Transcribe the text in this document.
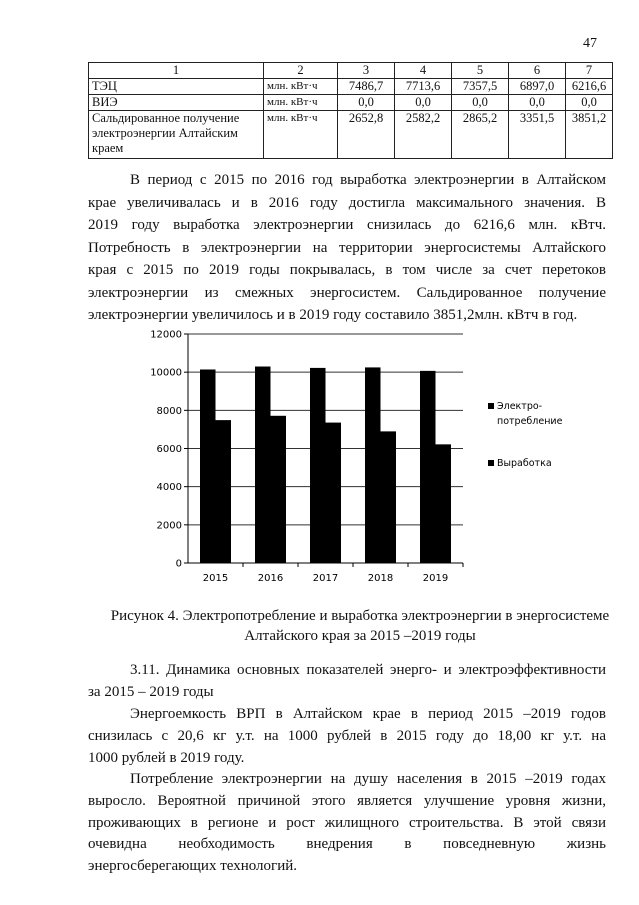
47
1	2	3	4	5	6	7
ТЭЦ	млн. кВт·ч	7486,7	7713,6	7357,5	6897,0	6216,6
ВИЭ	млн. кВт·ч	0,0	0,0	0,0	0,0	0,0
Сальдированное получение электроэнергии Алтайским краем	млн. кВт·ч	2652,8	2582,2	2865,2	3351,5	3851,2
В период с 2015 по 2016 год выработка электроэнергии в Алтайском
крае увеличивалась и в 2016 году достигла максимального значения. В
2019 году выработка электроэнергии снизилась до 6216,6 млн. кВтч.
Потребность в электроэнергии на территории энергосистемы Алтайского
края с 2015 по 2019 годы покрывалась, в том числе за счет перетоков
электроэнергии из смежных энергосистем. Сальдированное получение
электроэнергии увеличилось и в 2019 году составило 3851,2млн. кВтч в год.
3.11. Динамика основных показателей энерго- и электроэффективности
за 2015 – 2019 годы
Энергоемкость ВРП в Алтайском крае в период 2015 –2019 годов
снизилась с 20,6 кг у.т. на 1000 рублей в 2015 году до 18,00 кг у.т. на
1000 рублей в 2019 году.
Потребление электроэнергии на душу населения в 2015 –2019 годах
выросло. Вероятной причиной этого является улучшение уровня жизни,
проживающих в регионе и рост жилищного строительства. В этой связи
очевидна необходимость внедрения в повседневную жизнь
энергосберегающих технологий.
Рисунок 4. Электропотребление и выработка электроэнергии в энергосистеме
Алтайского края за 2015 –2019 годы
0
2000
4000
6000
8000
10000
12000
2015	2016	2017	2018	2019
Электро-
потребление
Выработка
